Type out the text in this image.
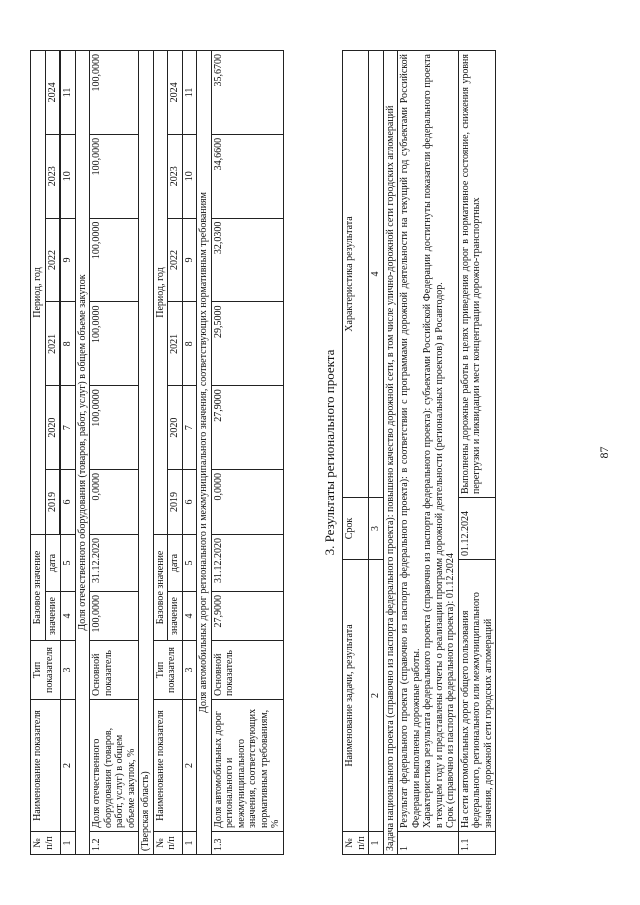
№ п/п	Наименование показателя	Тип показателя	Базовое значение		Период, год					
			значение	дата	2019	2020	2021	2022	2023	2024

1	2	3	4	5	6	7	8	9	10	11
Доля отечественного оборудования (товаров, работ, услуг) в общем объеме закупок										
1.2	Доля отечественного оборудования (товаров, работ, услуг) в общем объеме закупок, %	Основной показатель	100,0000	31.12.2020	0,0000	100,0000	100,0000	100,0000	100,0000	100,0000
(Тверская область)										
№ п/п	Наименование показателя	Тип показателя	Базовое значение		Период, год					
			значение	дата	2019	2020	2021	2022	2023	2024
1	2	3	4	5	6	7	8	9	10	11
Доля автомобильных дорог регионального и межмуниципального значения, соответствующих нормативным требованиям										
1.3	Доля автомобильных дорог регионального и межмуниципального значения, соответствующих нормативным требованиям, %	Основной показатель	27,9000	31.12.2020	0,0000	27,9000	29,5000	32,0300	34,6600	35,6700
3. Результаты регионального проекта
№ п/п	Наименование задачи, результата	Срок	Характеристика результата
1	2	3	4
Задача национального проекта (справочно из паспорта федерального проекта): повышено качество дорожной сети, в том числе улично-дорожной сети городских агломераций			
1	Результат федерального проекта (справочно из паспорта федерального проекта): в соответствии с программами дорожной деятельности на текущий год субъектами Российской Федерации выполнены дорожные работы. Характеристика результата федерального проекта (справочно из паспорта федерального проекта): субъектами Российской Федерации достигнуты показатели федерального проекта в текущем году и представлены отчеты о реализации программ дорожной деятельности (региональных проектов) в Росавтодор. Срок (справочно из паспорта федерального проекта): 01.12.2024		

1.1	На сети автомобильных дорог общего пользования федерального, регионального или межмуниципального значения, дорожной сети городских агломераций	01.12.2024	Выполнены дорожные работы в целях приведения дорог в нормативное состояние, снижения уровня перегрузки и ликвидации мест концентрации дорожно-транспортных	87
